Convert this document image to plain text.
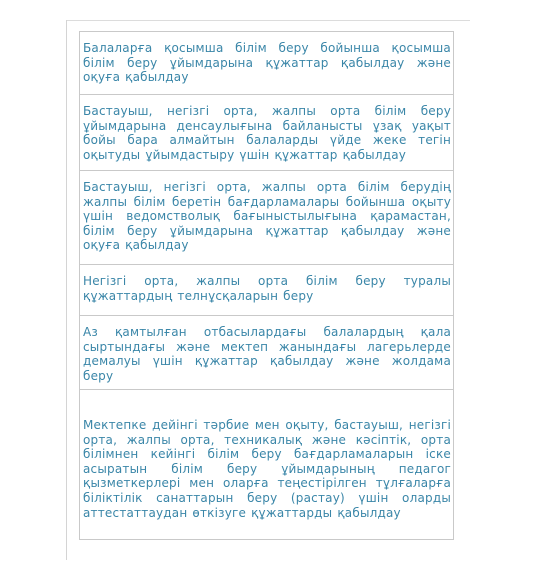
Балаларға қосымша білім беру бойынша қосымша білім беру ұйымдарына құжаттар қабылдау және оқуға қабылдау
Бастауыш, негізгі орта, жалпы орта білім беру ұйымдарына денсаулығына байланысты ұзақ уақыт бойы бара алмайтын балаларды үйде жеке тегін оқытуды ұйымдастыру үшін құжаттар қабылдау
Бастауыш, негізгі орта, жалпы орта білім берудің жалпы білім беретін бағдарламалары бойынша оқыту үшін ведомстволық бағыныстылығына қарамастан, білім беру ұйымдарына құжаттар қабылдау және оқуға қабылдау
Негізгі орта, жалпы орта білім беру туралы құжаттардың телнұсқаларын беру
Аз қамтылған отбасылардағы балалардың қала сыртындағы және мектеп жанындағы лагерьлерде демалуы үшін құжаттар қабылдау және жолдама беру
Мектепке дейінгі тәрбие мен оқыту, бастауыш, негізгі орта, жалпы орта, техникалық және кәсіптік, орта білімнен кейінгі білім беру бағдарламаларын іске асыратын білім беру ұйымдарының педагог қызметкерлері мен оларға теңестірілген тұлғаларға біліктілік санаттарын беру (растау) үшін оларды аттестаттаудан өткізуге құжаттарды қабылдау
